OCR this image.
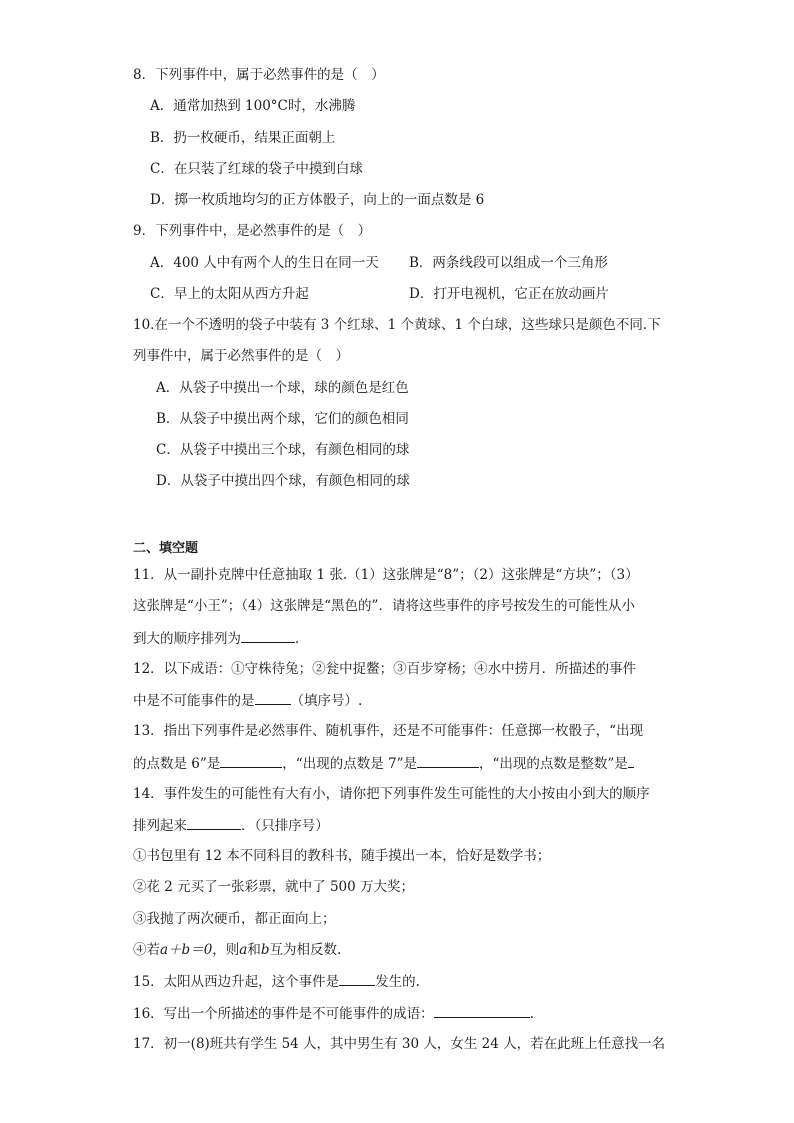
8．下列事件中，属于必然事件的是（　）
A．通常加热到 100°C时，水沸腾
B．扔一枚硬币，结果正面朝上
C．在只装了红球的袋子中摸到白球
D．掷一枚质地均匀的正方体骰子，向上的一面点数是 6
9．下列事件中，是必然事件的是（　）
A．400 人中有两个人的生日在同一天 B．两条线段可以组成一个三角形
C．早上的太阳从西方升起	D．打开电视机，它正在放动画片
10.在一个不透明的袋子中装有 3 个红球、1 个黄球、1 个白球，这些球只是颜色不同.下
列事件中，属于必然事件的是（　）
A．从袋子中摸出一个球，球的颜色是红色
B．从袋子中摸出两个球，它们的颜色相同
C．从袋子中摸出三个球，有颜色相同的球
D．从袋子中摸出四个球，有颜色相同的球
二、填空题
11．从一副扑克牌中任意抽取 1 张.（1）这张牌是“8”；（2）这张牌是“方块”；（3）
这张牌是“小王”；（4）这张牌是“黑色的”．请将这些事件的序号按发生的可能性从小
到大的顺序排列为	．
12．以下成语：①守株待兔；②瓮中捉鳖；③百步穿杨；④水中捞月．所描述的事件
中是不可能事件的是	（填序号）.
13．指出下列事件是必然事件、随机事件，还是不可能事件：任意掷一枚骰子，“出现
的点数是 6”是	，“出现的点数是 7”是	，“出现的点数是整数”是
14．事件发生的可能性有大有小，请你把下列事件发生可能性的大小按由小到大的顺序
排列起来	．（只排序号）
①书包里有 12 本不同科目的教科书，随手摸出一本，恰好是数学书；
②花 2 元买了一张彩票，就中了 500 万大奖；
③我抛了两次硬币，都正面向上；
④若a＋b＝0，则a和b互为相反数.
15．太阳从西边升起，这个事件是	发生的.
16．写出一个所描述的事件是不可能事件的成语：	.
17．初一(8)班共有学生 54 人，其中男生有 30 人，女生 24 人，若在此班上任意找一名
